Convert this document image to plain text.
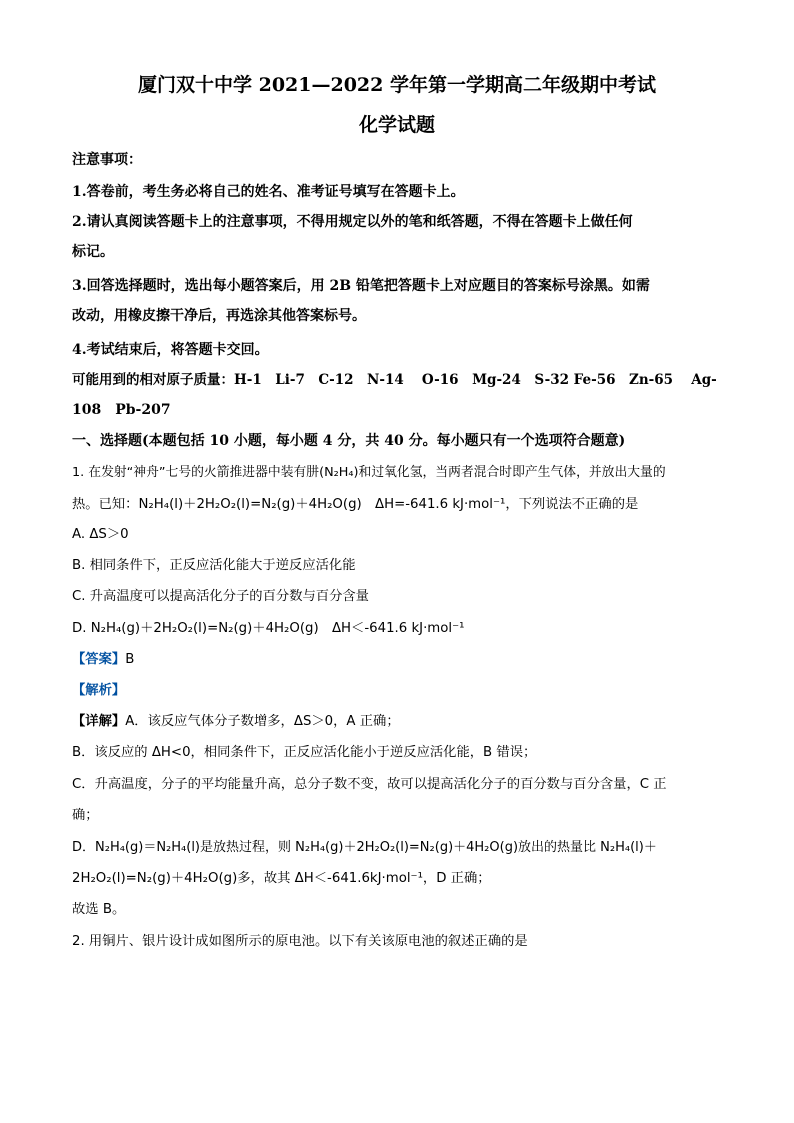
厦门双十中学 2021—2022 学年第一学期高二年级期中考试
化学试题
注意事项：
1.答卷前，考生务必将自己的姓名、准考证号填写在答题卡上。
2.请认真阅读答题卡上的注意事项，不得用规定以外的笔和纸答题，不得在答题卡上做任何
标记。
3.回答选择题时，选出每小题答案后，用 2B 铅笔把答题卡上对应题目的答案标号涂黑。如需
改动，用橡皮擦干净后，再选涂其他答案标号。
4.考试结束后，将答题卡交回。
可能用到的相对原子质量：H-1　Li-7　C-12　N-14　 O-16　Mg-24　S-32 Fe-56　Zn-65　 Ag-
108　Pb-207
一、选择题(本题包括 10 小题，每小题 4 分，共 40 分。每小题只有一个选项符合题意)
1. 在发射“神舟”七号的火箭推进器中装有肼(N₂H₄)和过氧化氢，当两者混合时即产生气体，并放出大量的
热。已知：N₂H₄(l)＋2H₂O₂(l)=N₂(g)＋4H₂O(g)　ΔH=-641.6 kJ·mol⁻¹，下列说法不正确的是
A. ΔS＞0
B. 相同条件下，正反应活化能大于逆反应活化能
C. 升高温度可以提高活化分子的百分数与百分含量
D. N₂H₄(g)＋2H₂O₂(l)=N₂(g)＋4H₂O(g)　ΔH＜-641.6 kJ·mol⁻¹
【答案】B
【解析】
【详解】A．该反应气体分子数增多，ΔS＞0，A 正确；
B．该反应的 ΔH<0，相同条件下，正反应活化能小于逆反应活化能，B 错误；
C．升高温度，分子的平均能量升高，总分子数不变，故可以提高活化分子的百分数与百分含量，C 正
确；
D．N₂H₄(g)＝N₂H₄(l)是放热过程，则 N₂H₄(g)＋2H₂O₂(l)=N₂(g)＋4H₂O(g)放出的热量比 N₂H₄(l)＋
2H₂O₂(l)=N₂(g)＋4H₂O(g)多，故其 ΔH＜-641.6kJ·mol⁻¹，D 正确；
故选 B。
2. 用铜片、银片设计成如图所示的原电池。以下有关该原电池的叙述正确的是
